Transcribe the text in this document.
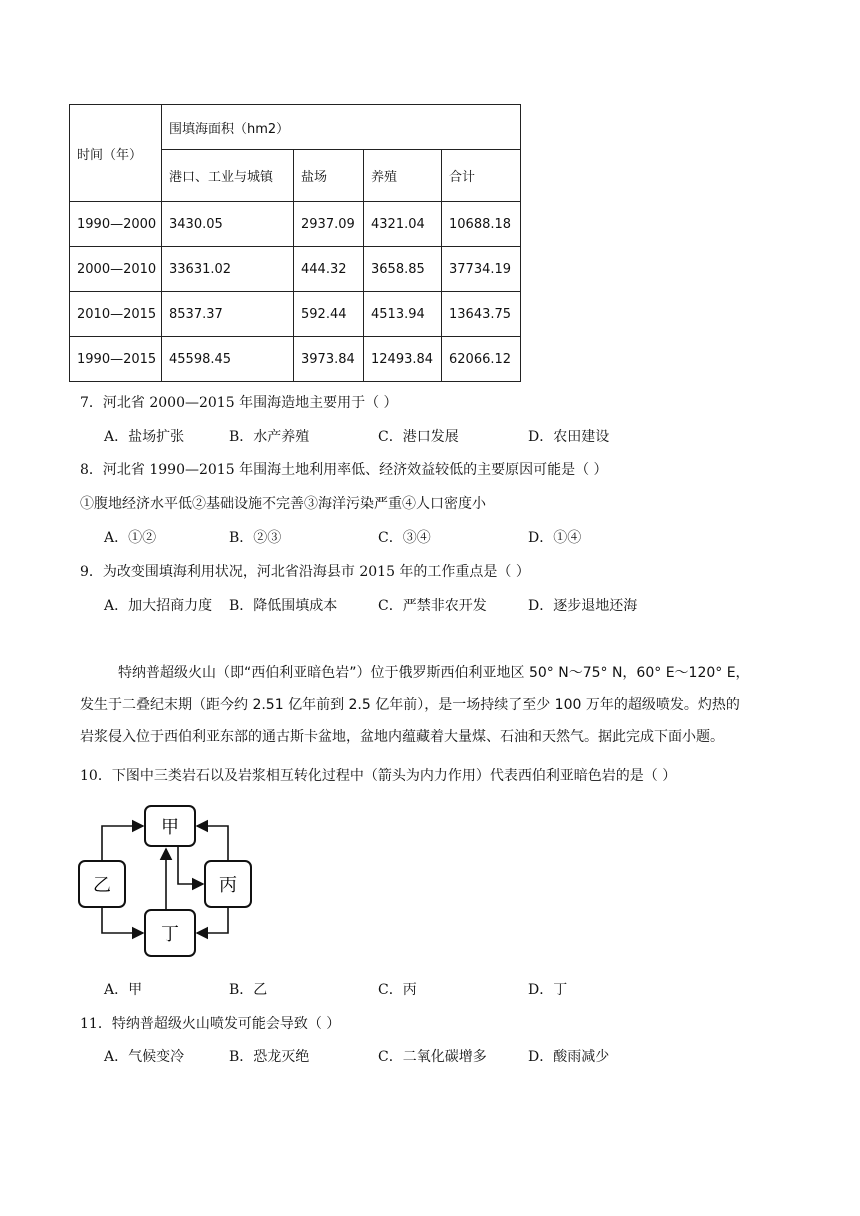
时间（年）	围填海面积（hm2）			
	港口、工业与城镇	盐场	养殖	合计
1990—2000	3430.05	2937.09	4321.04	10688.18
2000—2010	33631.02	444.32	3658.85	37734.19
2010—2015	8537.37	592.44	4513.94	13643.75
1990—2015	45598.45	3973.84	12493.84	62066.12
7．河北省 2000—2015 年围海造地主要用于（ ）
A．盐场扩张	B．水产养殖	C．港口发展	D．农田建设
8．河北省 1990—2015 年围海土地利用率低、经济效益较低的主要原因可能是（ ）
①腹地经济水平低②基础设施不完善③海洋污染严重④人口密度小
A．①②	B．②③	C．③④	D．①④
9．为改变围填海利用状况，河北省沿海县市 2015 年的工作重点是（ ）
A．加大招商力度 B．降低围填成本	C．严禁非农开发	D．逐步退地还海

特纳普超级火山（即“西伯利亚暗色岩”）位于俄罗斯西伯利亚地区 50° N～75° N，60° E～120° E，

发生于二叠纪末期（距今约 2.51 亿年前到 2.5 亿年前），是一场持续了至少 100 万年的超级喷发。灼热的

岩浆侵入位于西伯利亚东部的通古斯卡盆地，盆地内蕴藏着大量煤、石油和天然气。据此完成下面小题。

10．下图中三类岩石以及岩浆相互转化过程中（箭头为内力作用）代表西伯利亚暗色岩的是（ ）
甲
乙	丙
丁
A．甲	B．乙	C．丙	D．丁
11．特纳普超级火山喷发可能会导致（ ）
A．气候变冷	B．恐龙灭绝	C．二氧化碳增多	D．酸雨减少
